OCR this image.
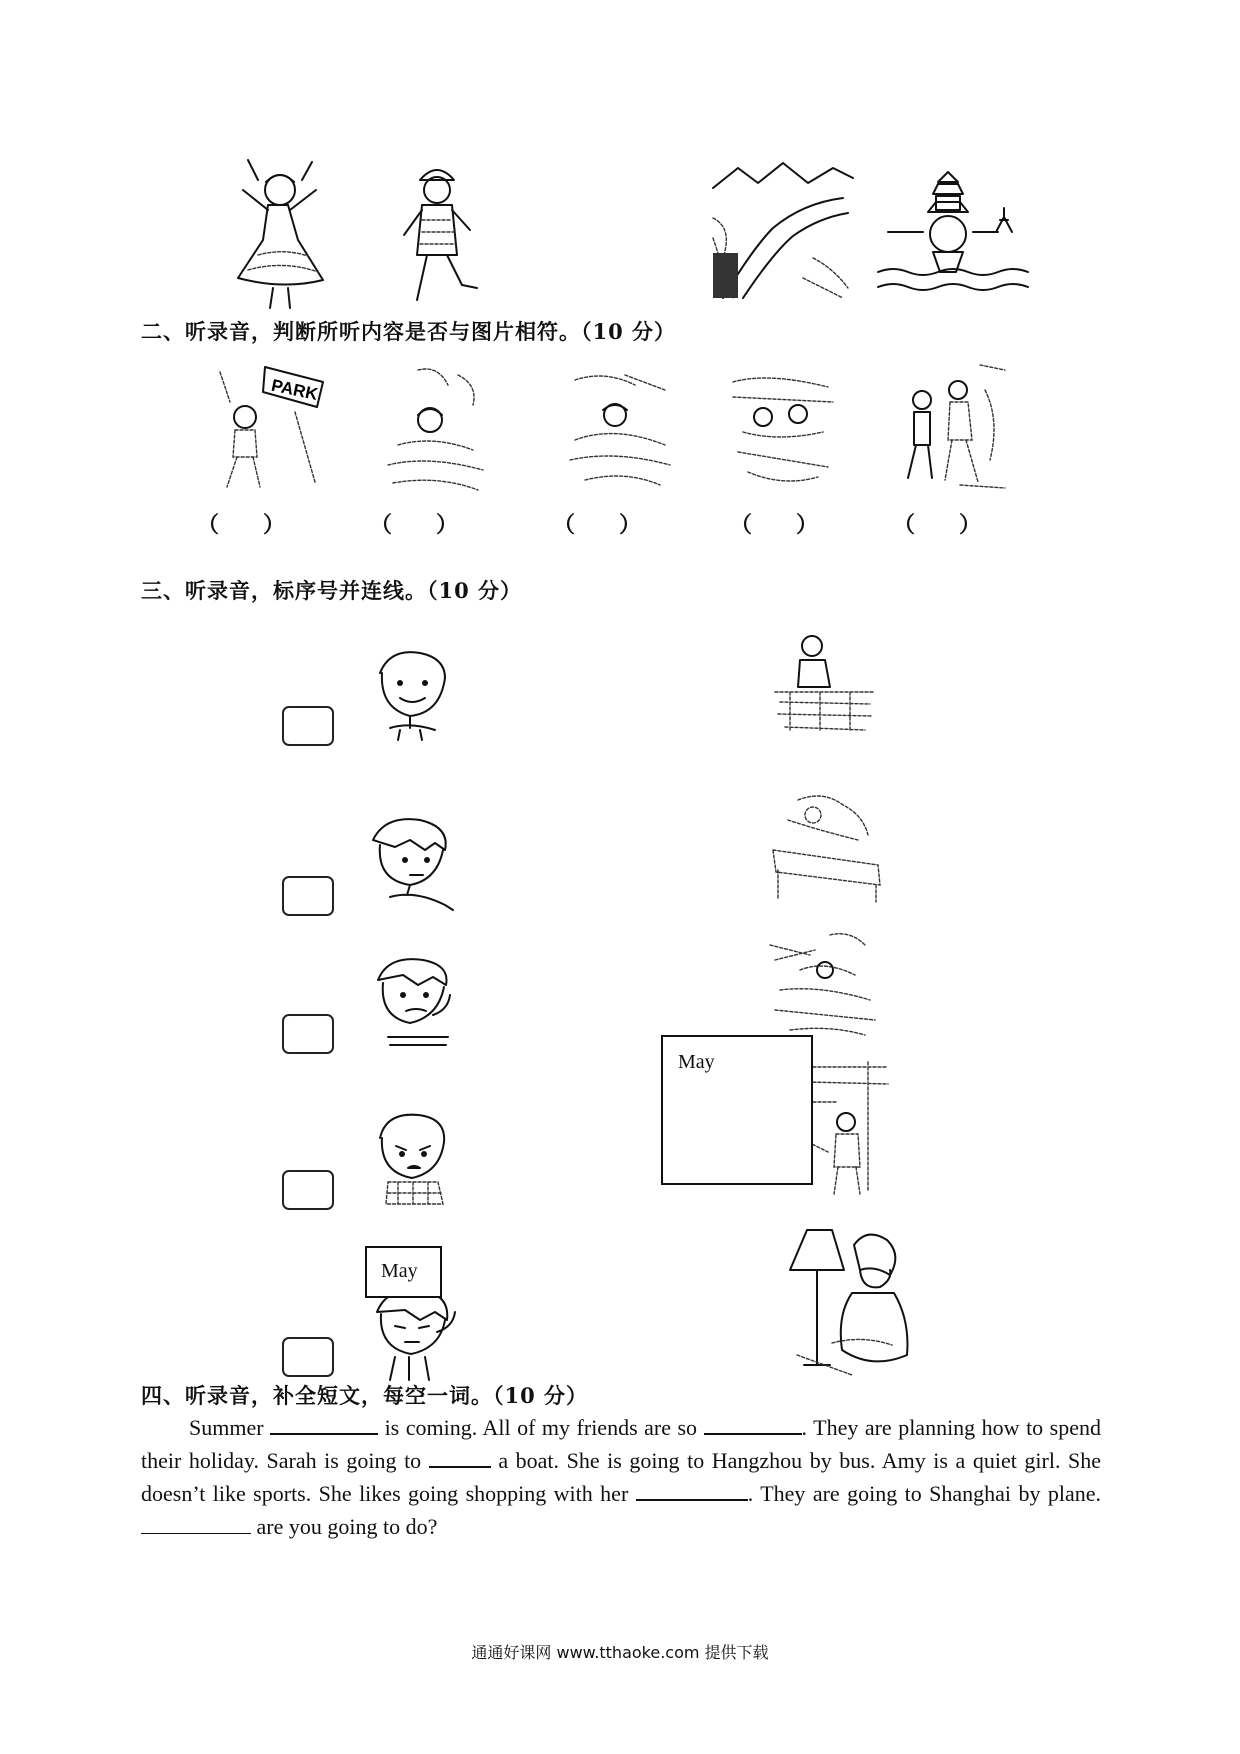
二、听录音，判断所听内容是否与图片相符。（10 分）
PARK
（　　）	（　　）	（　　）	（　　）	（　　）
三、听录音，标序号并连线。（10 分）
May
May
四、听录音，补全短文，每空一词。（10 分）
Summer	is coming. All of my friends are so	. They are planning how to spend their holiday. Sarah is going to	a boat. She is going to Hangzhou by bus. Amy is a quiet girl. She doesn’t like sports. She likes going shopping with her	. They are going to Shanghai by plane.  are you going to do?
通通好课网 www.tthaoke.com 提供下载
